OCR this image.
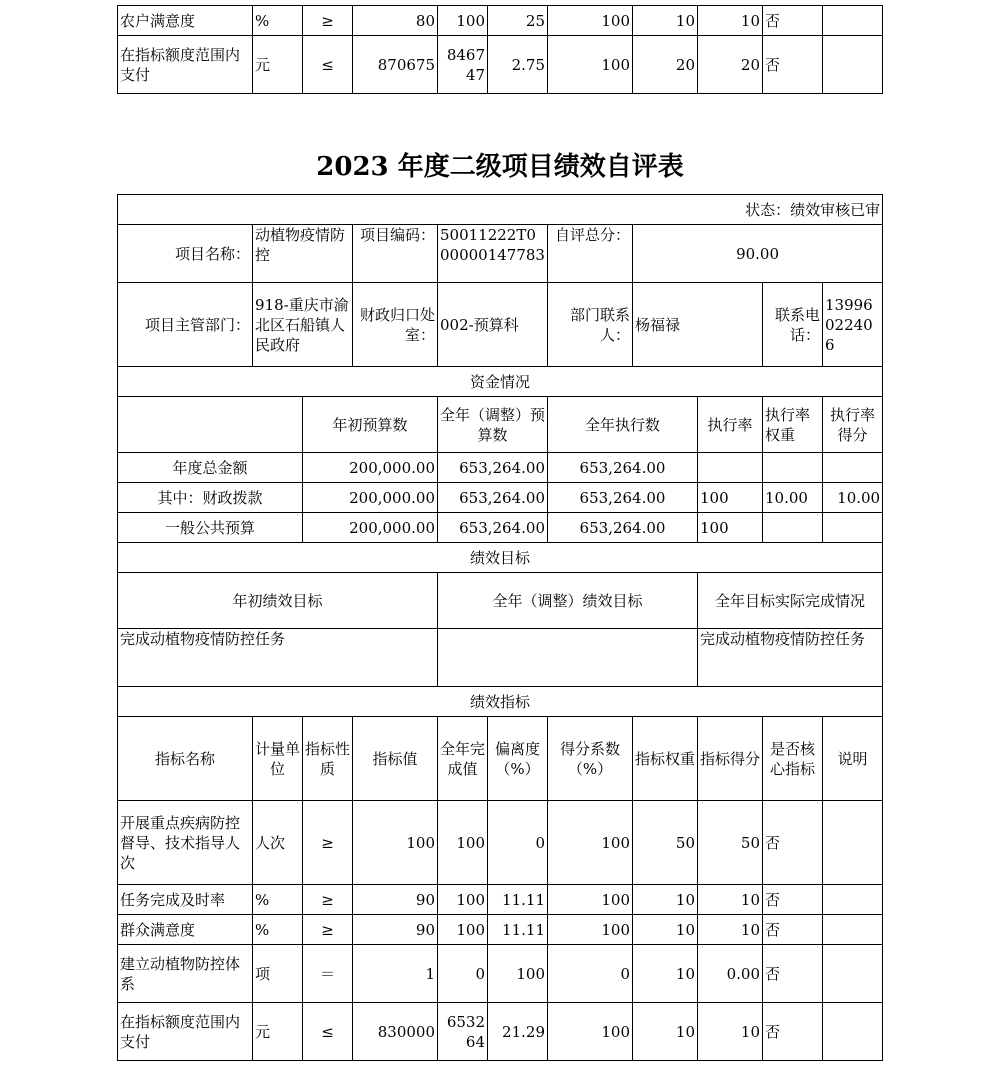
农户满意度	%	≥	80	100	25	100	10	10	否	
在指标额度范围内支付	元	≤	870675	846747	2.75	100	20	20	否	
2023 年度二级项目绩效自评表
状态：绩效审核已审										
项目名称：	动植物疫情防控		项目编码：	50011222T000000147783		自评总分：	90.00			
项目主管部门：	918-重庆市渝北区石船镇人民政府		财政归口处室：	002-预算科		部门联系人：	杨福禄		联系电话：	13996022406
资金情况										
		年初预算数		全年（调整）预算数		全年执行数		执行率	执行率权重	执行率得分
年度总金额		200,000.00		653,264.00		653,264.00				
其中：财政拨款		200,000.00		653,264.00		653,264.00		100	10.00	10.00
一般公共预算		200,000.00		653,264.00		653,264.00		100		
绩效目标										
年初绩效目标				全年（调整）绩效目标				全年目标实际完成情况		
完成动植物疫情防控任务								完成动植物疫情防控任务		
绩效指标										
指标名称	计量单位	指标性质	指标值	全年完成值	偏离度（%）	得分系数（%）	指标权重	指标得分	是否核心指标	说明
开展重点疾病防控督导、技术指导人次	人次	≥	100	100	0	100	50	50	否	
任务完成及时率	%	≥	90	100	11.11	100	10	10	否	
群众满意度	%	≥	90	100	11.11	100	10	10	否	
建立动植物防控体系	项	＝	1	0	100	0	10	0.00	否	
在指标额度范围内支付	元	≤	830000	653264	21.29	100	10	10	否	
